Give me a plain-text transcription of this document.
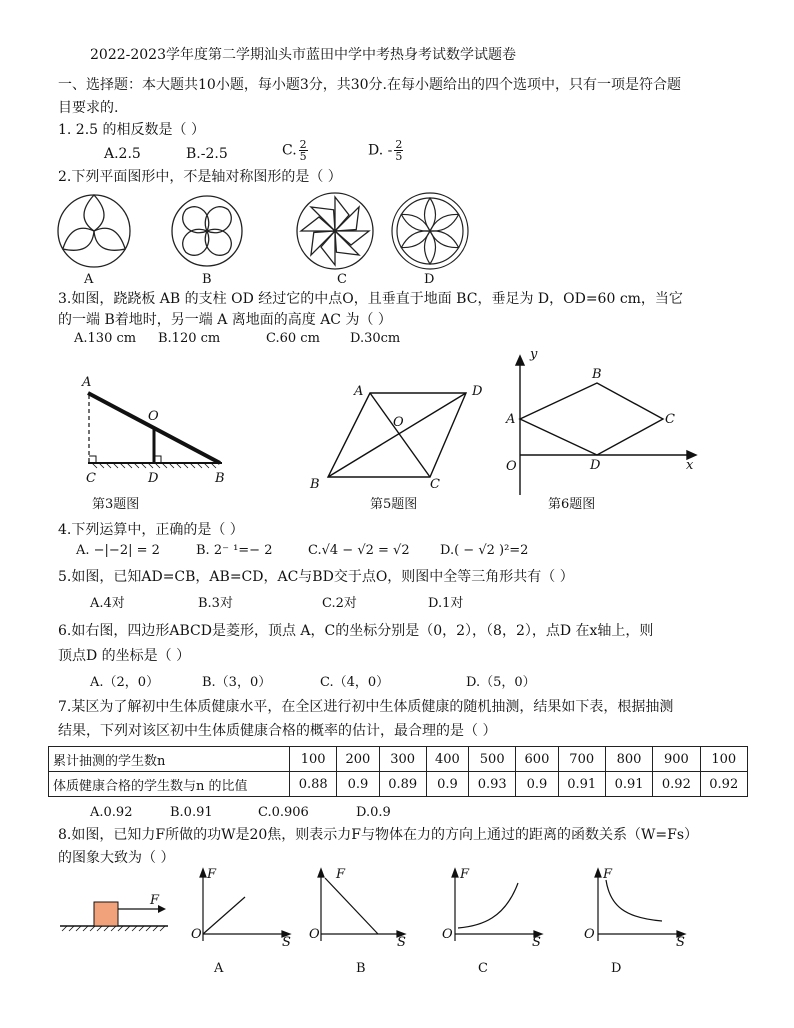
2022-2023学年度第二学期汕头市蓝田中学中考热身考试数学试题卷
一、选择题：本大题共10小题，每小题3分，共30分.在每小题给出的四个选项中，只有一项是符合题
目要求的.
1. 2.5 的相反数是（ ）
A.2.5	B.-2.5	C. $\frac{2}{5}$	D. - $\frac{2}{5}$
2.下列平面图形中，不是轴对称图形的是（ ）
A	B	C	D
3.如图，跷跷板 AB 的支柱 OD 经过它的中点O，且垂直于地面 BC，垂足为 D，OD=60 cm，当它
的一端 B着地时，另一端 A 离地面的高度 AC 为（ ）
A.130 cm B.120 cm	C.60 cm D.30cm
A
O
C	D	B
第3题图
A	D
O
B	C
第5题图
y
B
A	C
O	D	x
第6题图
4.下列运算中，正确的是（ ）
A. −|−2| = 2	B. 2⁻ ¹=− 2	C.√4 − √2 = √2 D.( − √2 )²=2
5.如图，已知AD=CB，AB=CD，AC与BD交于点O，则图中全等三角形共有（ ）
A.4对	B.3对	C.2对	D.1对
6.如右图，四边形ABCD是菱形，顶点 A，C的坐标分别是（0，2），（8，2），点D 在x轴上，则
顶点D 的坐标是（ ）
A.（2，0）	B.（3，0）	C.（4，0）	D.（5，0）
7.某区为了解初中生体质健康水平，在全区进行初中生体质健康的随机抽测，结果如下表，根据抽测
结果，下列对该区初中生体质健康合格的概率的估计，最合理的是（ ）
累计抽测的学生数n	100	200	300	400	500	600	700	800	900	100
体质健康合格的学生数与n 的比值	0.88	0.9	0.89	0.9	0.93	0.9	0.91	0.91	0.92	0.92
A.0.92	B.0.91	C.0.906	D.0.9
8.如图，已知力F所做的功W是20焦，则表示力F与物体在力的方向上通过的距离的函数关系（W=Fs）
的图象大致为（ ）
F
F
O
S
A
F
O
S
B
F
O
S
C
F
O
S
D
